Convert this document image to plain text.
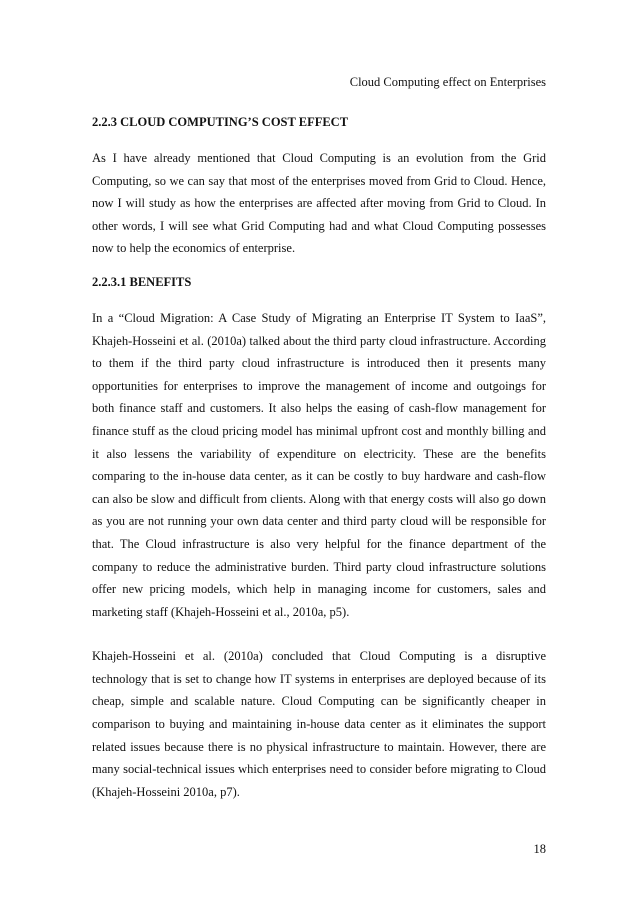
Cloud Computing effect on Enterprises
2.2.3 CLOUD COMPUTING’S COST EFFECT

As I have already mentioned that Cloud Computing is an evolution from the Grid Computing, so we can say that most of the enterprises moved from Grid to Cloud. Hence, now I will study as how the enterprises are affected after moving from Grid to Cloud. In other words, I will see what Grid Computing had and what Cloud Computing possesses now to help the economics of enterprise.

2.2.3.1 BENEFITS

In a “Cloud Migration: A Case Study of Migrating an Enterprise IT System to IaaS”, Khajeh-Hosseini et al. (2010a) talked about the third party cloud infrastructure. According to them if the third party cloud infrastructure is introduced then it presents many opportunities for enterprises to improve the management of income and outgoings for both finance staff and customers. It also helps the easing of cash-flow management for finance stuff as the cloud pricing model has minimal upfront cost and monthly billing and it also lessens the variability of expenditure on electricity. These are the benefits comparing to the in-house data center, as it can be costly to buy hardware and cash-flow can also be slow and difficult from clients. Along with that energy costs will also go down as you are not running your own data center and third party cloud will be responsible for that. The Cloud infrastructure is also very helpful for the finance department of the company to reduce the administrative burden. Third party cloud infrastructure solutions offer new pricing models, which help in managing income for customers, sales and marketing staff (Khajeh-Hosseini et al., 2010a, p5).

Khajeh-Hosseini et al. (2010a) concluded that Cloud Computing is a disruptive technology that is set to change how IT systems in enterprises are deployed because of its cheap, simple and scalable nature. Cloud Computing can be significantly cheaper in comparison to buying and maintaining in-house data center as it eliminates the support related issues because there is no physical infrastructure to maintain. However, there are many social-technical issues which enterprises need to consider before migrating to Cloud (Khajeh-Hosseini 2010a, p7).

18
